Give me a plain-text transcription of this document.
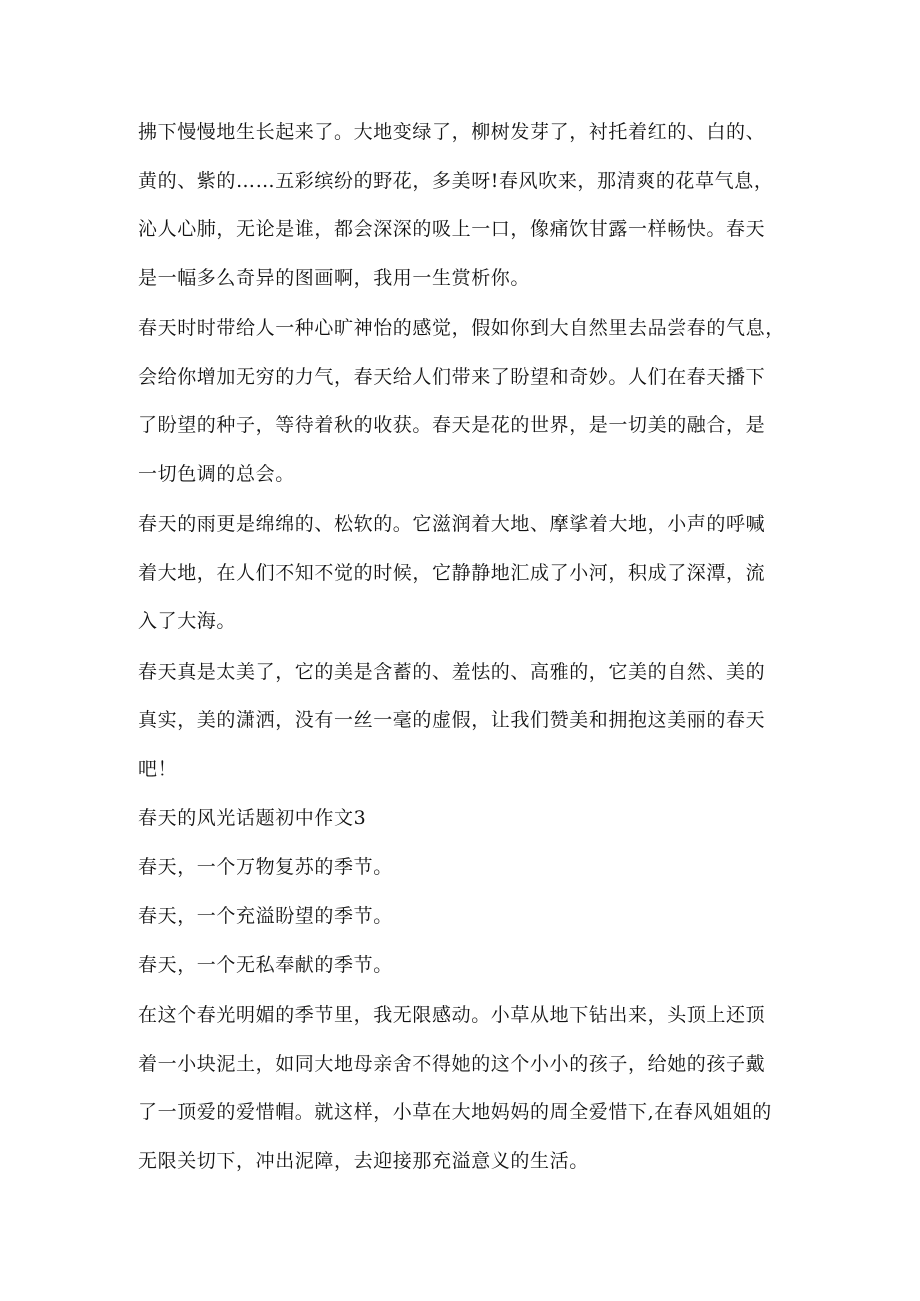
拂下慢慢地生长起来了。大地变绿了，柳树发芽了，衬托着红的、白的、
黄的、紫的……五彩缤纷的野花，多美呀!春风吹来，那清爽的花草气息，
沁人心肺，无论是谁，都会深深的吸上一口，像痛饮甘露一样畅快。春天
是一幅多么奇异的图画啊，我用一生赏析你。
春天时时带给人一种心旷神怡的感觉，假如你到大自然里去品尝春的气息，
会给你增加无穷的力气，春天给人们带来了盼望和奇妙。人们在春天播下
了盼望的种子，等待着秋的收获。春天是花的世界，是一切美的融合，是
一切色调的总会。
春天的雨更是绵绵的、松软的。它滋润着大地、摩挲着大地，小声的呼喊
着大地，在人们不知不觉的时候，它静静地汇成了小河，积成了深潭，流
入了大海。
春天真是太美了，它的美是含蓄的、羞怯的、高雅的，它美的自然、美的
真实，美的潇洒，没有一丝一毫的虚假，让我们赞美和拥抱这美丽的春天
吧！
春天的风光话题初中作文3
春天，一个万物复苏的季节。
春天，一个充溢盼望的季节。
春天，一个无私奉献的季节。
在这个春光明媚的季节里，我无限感动。小草从地下钻出来，头顶上还顶
着一小块泥土，如同大地母亲舍不得她的这个小小的孩子，给她的孩子戴
了一顶爱的爱惜帽。就这样，小草在大地妈妈的周全爱惜下,在春风姐姐的
无限关切下，冲出泥障，去迎接那充溢意义的生活。
